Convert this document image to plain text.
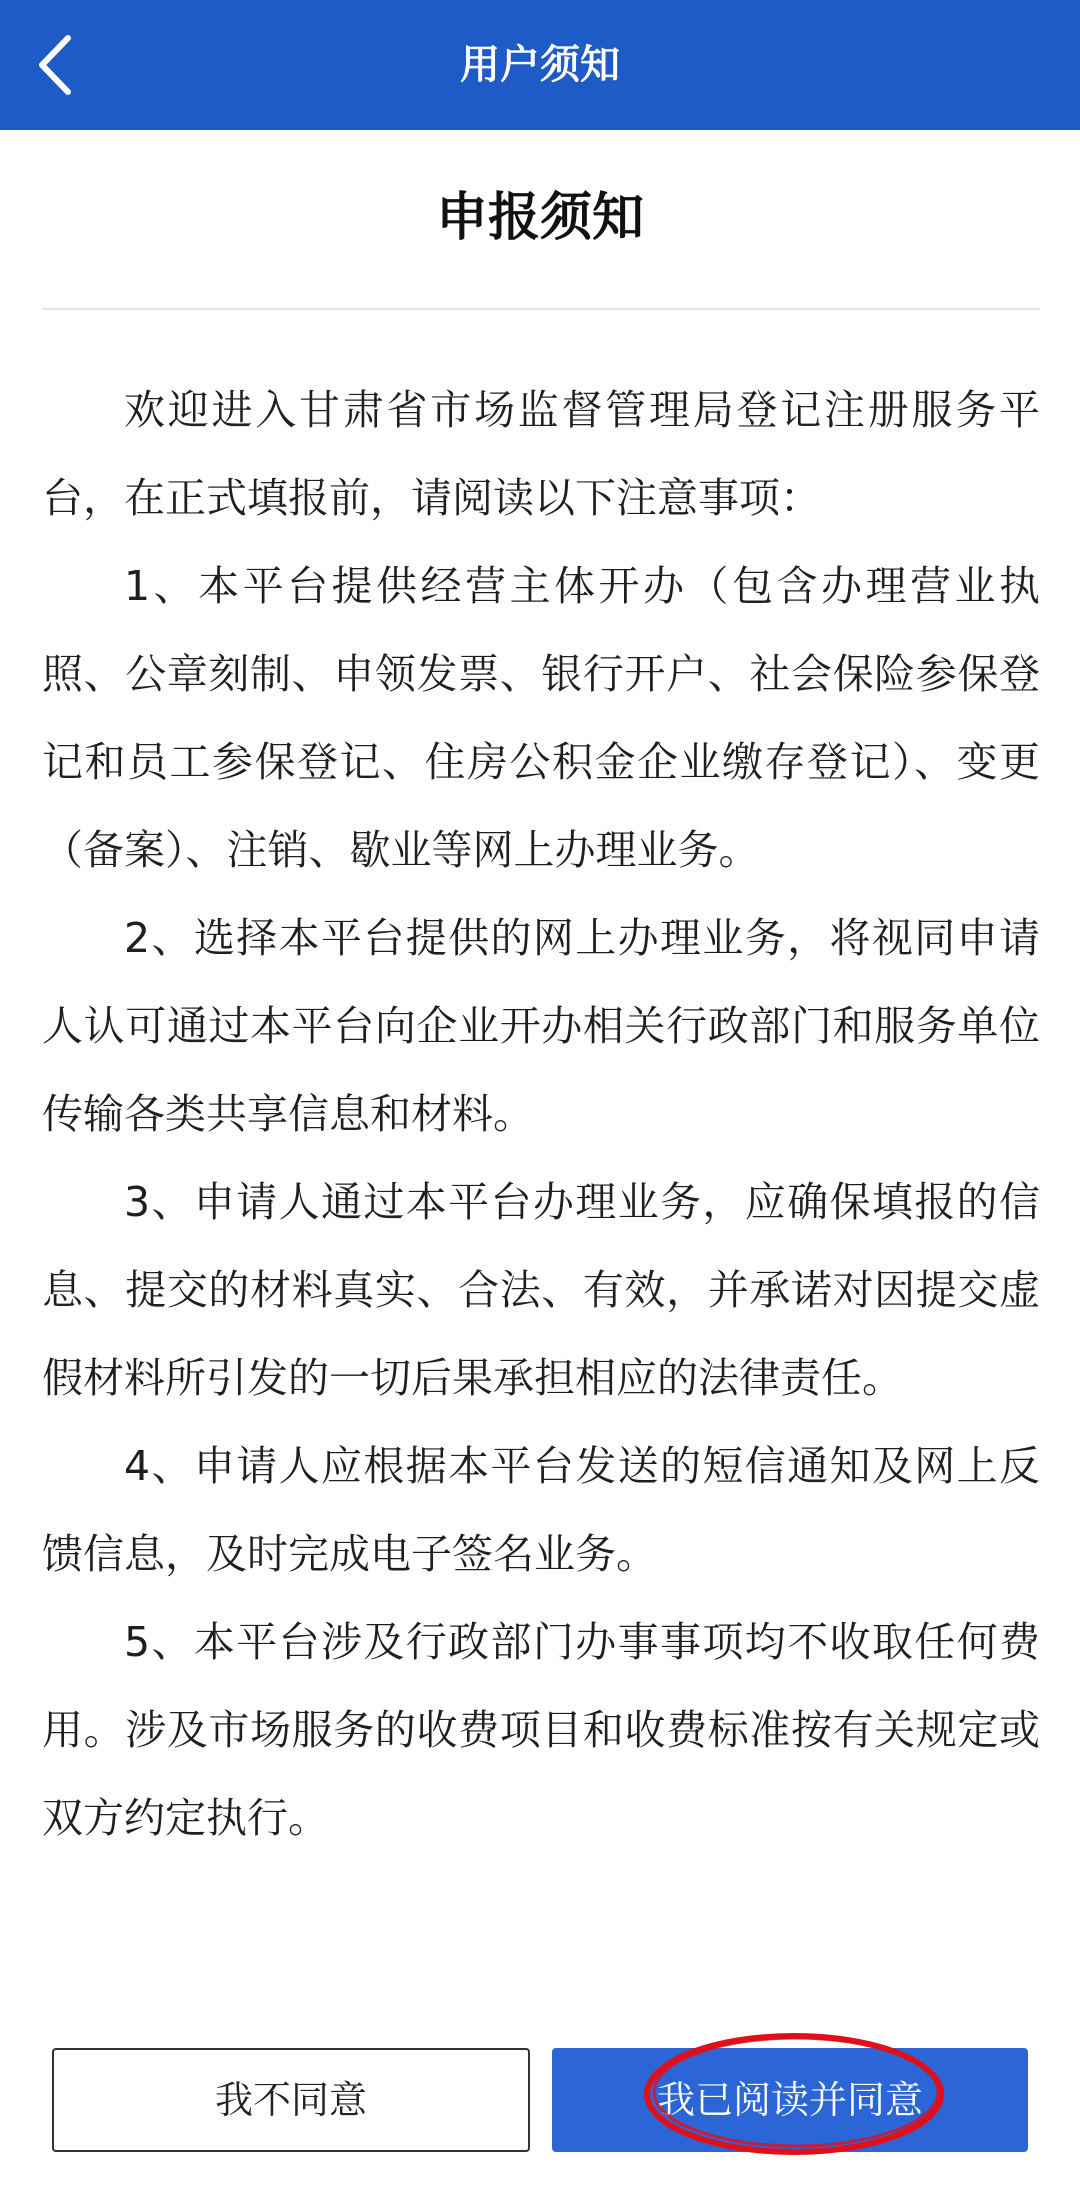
用户须知
申报须知

欢迎进入甘肃省市场监督管理局登记注册服务平台，在正式填报前，请阅读以下注意事项：

1、本平台提供经营主体开办（包含办理营业执照、公章刻制、申领发票、银行开户、社会保险参保登记和员工参保登记、住房公积金企业缴存登记）、变更（备案）、注销、歇业等网上办理业务。

2、选择本平台提供的网上办理业务，将视同申请人认可通过本平台向企业开办相关行政部门和服务单位传输各类共享信息和材料。

3、申请人通过本平台办理业务，应确保填报的信息、提交的材料真实、合法、有效，并承诺对因提交虚假材料所引发的一切后果承担相应的法律责任。

4、申请人应根据本平台发送的短信通知及网上反馈信息，及时完成电子签名业务。

5、本平台涉及行政部门办事事项均不收取任何费用。涉及市场服务的收费项目和收费标准按有关规定或双方约定执行。

我不同意	我已阅读并同意
